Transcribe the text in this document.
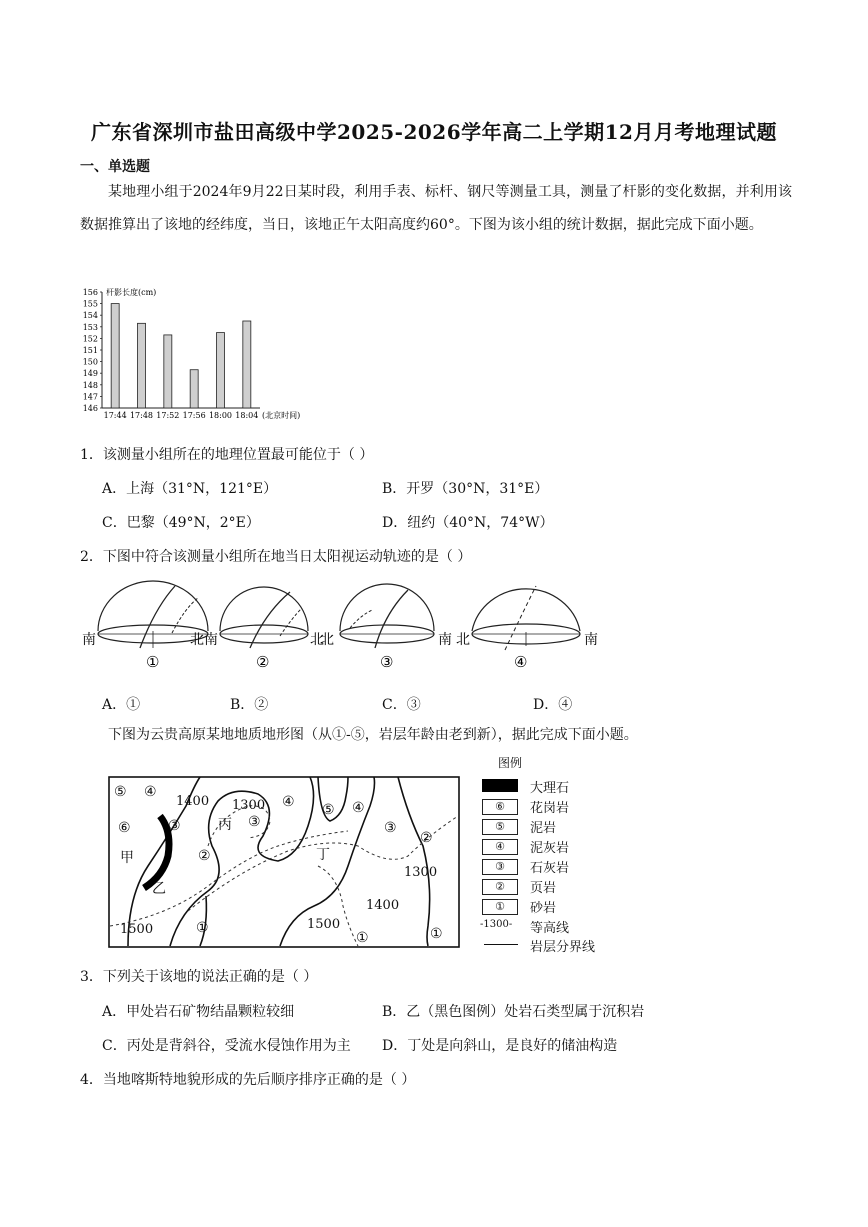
广东省深圳市盐田高级中学2025-2026学年高二上学期12月月考地理试题
一、单选题
某地理小组于2024年9月22日某时段，利用手表、标杆、钢尺等测量工具，测量了杆影的变化数据，并利用该数据推算出了该地的经纬度，当日，该地正午太阳高度约60°。下图为该小组的统计数据，据此完成下面小题。
146
147
148
149
150
151
152
153
154
155
156 杆影长度(cm)
17:44 17:48 17:52 17:56 18:00 18:04 (北京时间)
1．该测量小组所在的地理位置最可能位于（ ）
A．上海（31°N，121°E）	B．开罗（30°N，31°E）
C．巴黎（49°N，2°E）	D．纽约（40°N，74°W）
2．下图中符合该测量小组所在地当日太阳视运动轨迹的是（ ）
南	北
①
南	北
②
北	南
③
北	南
④
A．①	B．②	C．③	D．④
下图为云贵高原某地地质地形图（从①-⑤，岩层年龄由老到新），据此完成下面小题。
1400 1300
1300
1400
1500	1500
甲
乙
丙
丁
⑤ ④
⑥	③
②
③
④ ⑤ ④
③
②
①
①	①
图例
大理石
⑥	花岗岩
⑤	泥岩
④	泥灰岩
③	石灰岩
②	页岩
①	砂岩
-1300-	等高线
岩层分界线
3．下列关于该地的说法正确的是（ ）
A．甲处岩石矿物结晶颗粒较细	B．乙（黑色图例）处岩石类型属于沉积岩
C．丙处是背斜谷，受流水侵蚀作用为主 D．丁处是向斜山，是良好的储油构造
4．当地喀斯特地貌形成的先后顺序排序正确的是（ ）
